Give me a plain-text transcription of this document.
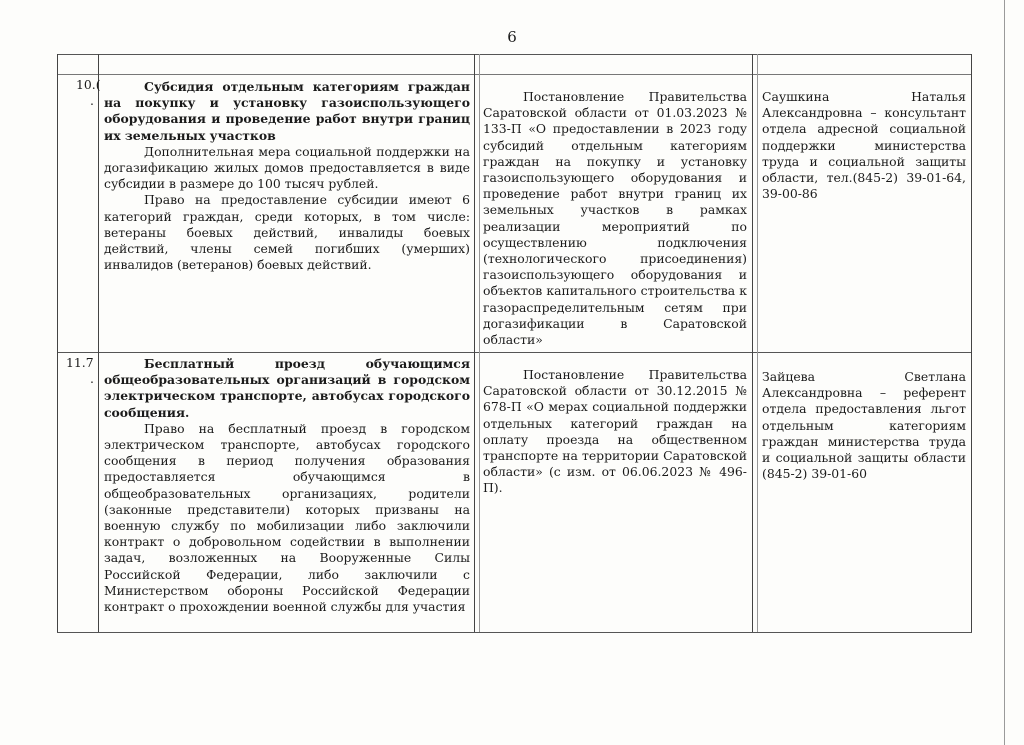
6
10.(
.

Субсидия отдельным категориям граждан на покупку и установку газоиспользующего оборудования и проведение работ внутри границ их земельных участков

Дополнительная мера социальной поддержки на догазификацию жилых домов предоставляется в виде субсидии в размере до 100 тысяч рублей.

Право на предоставление субсидии имеют 6 категорий граждан, среди которых, в том числе: ветераны боевых действий, инвалиды боевых действий, члены семей погибших (умерших) инвалидов (ветеранов) боевых действий.

Постановление Правительства Саратовской области от 01.03.2023 № 133-П «О предоставлении в 2023 году субсидий отдельным категориям граждан на покупку и установку газоиспользующего оборудования и проведение работ внутри границ их земельных участков в рамках реализации мероприятий по осуществлению подключения (технологического присоединения) газоиспользующего оборудования и объектов капитального строительства к газораспределительным сетям при догазификации в Саратовской области»

Саушкина Наталья Александровна – консультант отдела адресной социальной поддержки министерства труда и социальной защиты области, тел.(845-2) 39-01-64, 39-00-86

11.7
.

Бесплатный проезд обучающимся общеобразовательных организаций в городском электрическом транспорте, автобусах городского сообщения.

Право на бесплатный проезд в городском электрическом транспорте, автобусах городского сообщения в период получения образования предоставляется обучающимся в общеобразовательных организациях, родители (законные представители) которых призваны на военную службу по мобилизации либо заключили контракт о добровольном содействии в выполнении задач, возложенных на Вооруженные Силы Российской Федерации, либо заключили с Министерством обороны Российской Федерации контракт о прохождении военной службы для участия

Постановление Правительства Саратовской области от 30.12.2015 № 678-П «О мерах социальной поддержки отдельных категорий граждан на оплату проезда на общественном транспорте на территории Саратовской области» (с изм. от 06.06.2023 № 496-П).

Зайцева Светлана Александровна – референт отдела предоставления льгот отдельным категориям граждан министерства труда и социальной защиты области (845-2) 39-01-60
